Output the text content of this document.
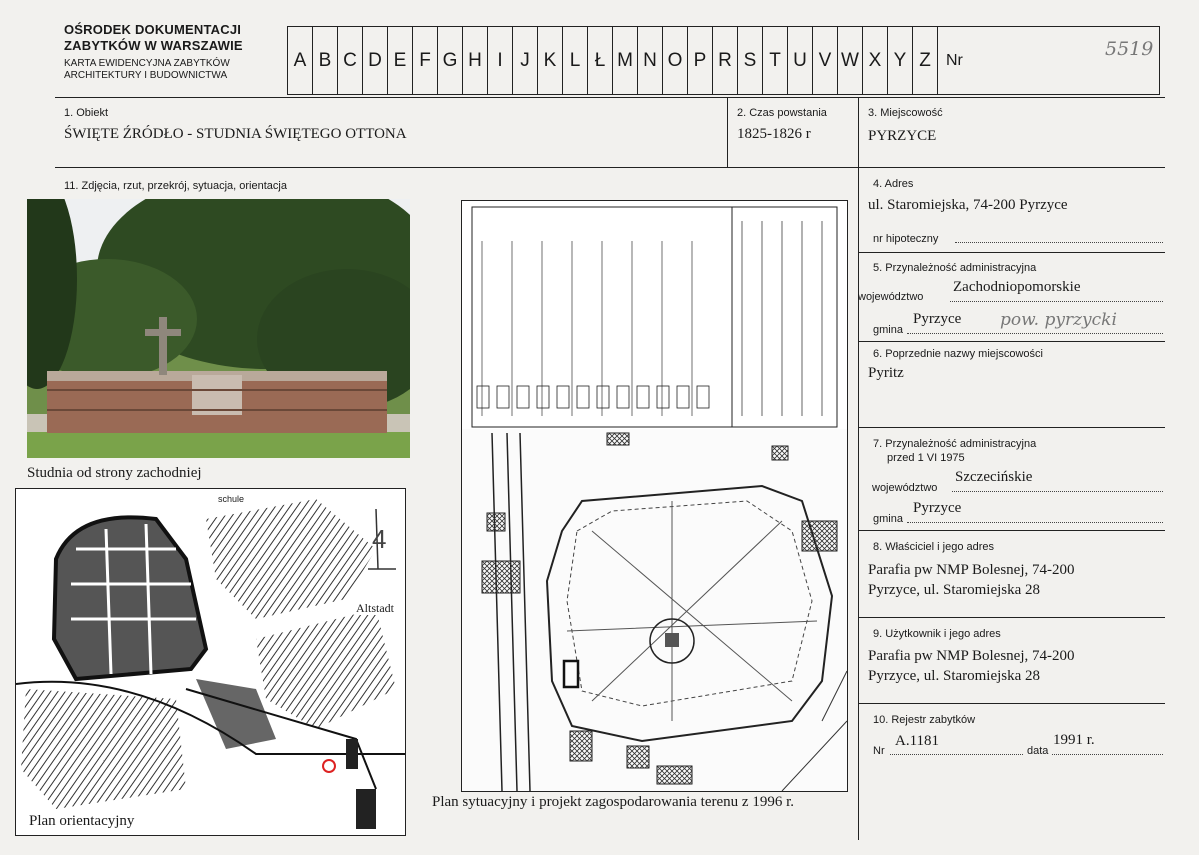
OŚRODEK DOKUMENTACJI
ZABYTKÓW W WARSZAWIE
KARTA EWIDENCYJNA ZABYTKÓW
ARCHITEKTURY I BUDOWNICTWA
A B C D E F G H I J K L Ł M N O P R S T U V W X Y Z Nr	5519
1. Obiekt
ŚWIĘTE ŹRÓDŁO - STUDNIA ŚWIĘTEGO OTTONA
2. Czas powstania
1825-1826 r
3. Miejscowość
PYRZYCE
11. Zdjęcia, rzut, przekrój, sytuacja, orientacja
Studnia od strony zachodniej
schule
Altstadt
4
Plan orientacyjny
Plan sytuacyjny i projekt zagospodarowania terenu z 1996 r.
4. Adres
ul. Staromiejska, 74-200 Pyrzyce
nr hipoteczny
5. Przynależność administracyjna
województwo
Zachodniopomorskie
gmina
Pyrzyce pow. pyrzycki
6. Poprzednie nazwy miejscowości
Pyritz
7. Przynależność administracyjna
przed 1 VI 1975
województwo
Szczecińskie
gmina
Pyrzyce
8. Właściciel i jego adres
Parafia pw NMP Bolesnej, 74-200
Pyrzyce, ul. Staromiejska 28
9. Użytkownik i jego adres
Parafia pw NMP Bolesnej, 74-200
Pyrzyce, ul. Staromiejska 28
10. Rejestr zabytków
Nr
A.1181
data
1991 r.
